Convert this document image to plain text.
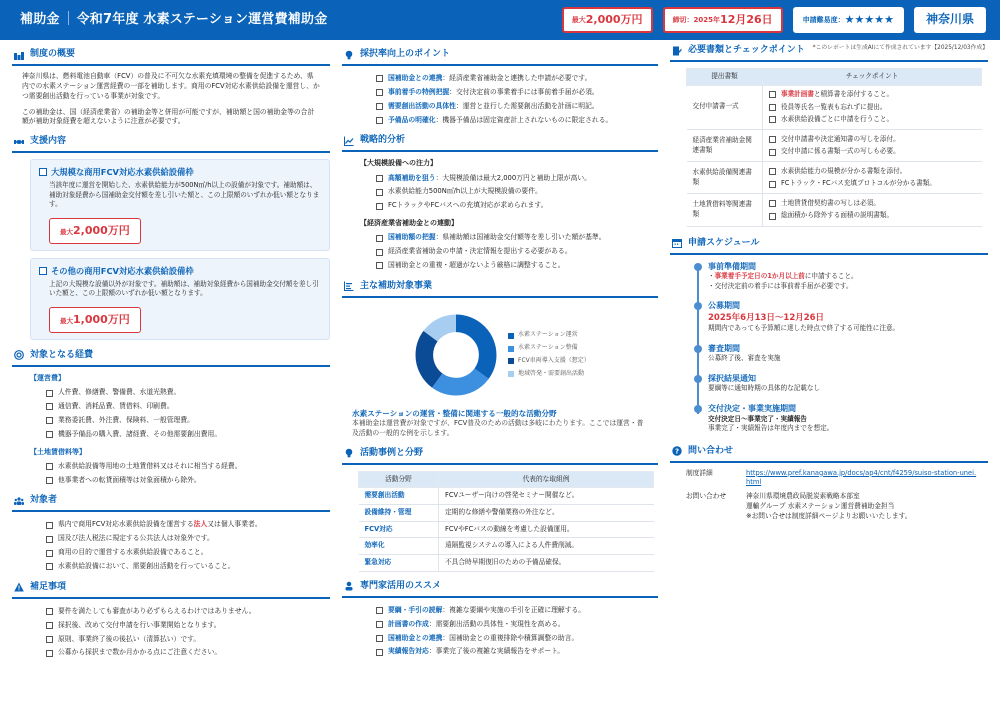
補助金 令和7年度 水素ステーション運営費補助金	最大 2,000万円	締切：2025年 12月26日	申請難易度： ★★★★★	神奈川県
制度の概要

神奈川県は、燃料電池自動車（FCV）の普及に不可欠な水素充填環境の整備を促進するため、県内での水素ステーション運営経費の一部を補助します。商用のFCV対応水素供給設備を運営し、かつ需要創出活動を行っている事業が対象です。

この補助金は、国（経済産業省）の補助金等と併用が可能ですが、補助額と国の補助金等の合計額が補助対象経費を超えないように注意が必要です。

支援内容
大規模な商用FCV対応水素供給設備枠

当該年度に運営を開始した、水素供給能力が500N㎥/h以上の設備が対象です。補助額は、補助対象経費から国補助金交付額を差し引いた額と、この上限額のいずれか低い額となります。

最大 2,000万円
その他の商用FCV対応水素供給設備枠

上記の大規模な設備以外が対象です。補助額は、補助対象経費から国補助金交付額を差し引いた額と、この上限額のいずれか低い額となります。

最大 1,000万円
対象となる経費
【運営費】
人件費、修繕費、警備費、水道光熱費。
通信費、消耗品費、賃借料、印刷費。
業務委託費、外注費、保険料、一般管理費。
機器予備品の購入費、諸経費、その他需要創出費用。
【土地賃借料等】
水素供給設備等用地の土地賃借料又はそれに相当する経費。
他事業者への転貸面積等は対象面積から除外。
対象者
県内で商用FCV対応水素供給設備を運営する法人又は個人事業者。
国及び法人税法に規定する公共法人は対象外です。
商用の目的で運営する水素供給設備であること。
水素供給設備において、需要創出活動を行っていること。
補足事項
要件を満たしても審査があり必ずもらえるわけではありません。
採択後、改めて交付申請を行い事業開始となります。
原則、事業終了後の後払い（清算払い）です。
公募から採択まで数か月かかる点にご注意ください。
採択率向上のポイント
国補助金との連携：経済産業省補助金と連携した申請が必要です。
事前着手の特例把握：交付決定前の事業着手には事前着手届が必須。
需要創出活動の具体性：運営と並行した需要創出活動を計画に明記。
予備品の明確化：機器予備品は固定資産計上されないものに限定される。
戦略的分析
【大規模設備への注力】
高額補助を狙う：大規模設備は最大2,000万円と補助上限が高い。
水素供給能力500N㎥/h以上が大規模設備の要件。
FCトラックやFCバスへの充填対応が求められます。
【経済産業省補助金との連動】
国補助額の把握：県補助額は国補助金交付額等を差し引いた額が基準。
経済産業省補助金の申請・決定情報を提出する必要がある。
国補助金との重複・超過がないよう厳格に調整すること。
主な補助対象事業
水素ステーション運営
水素ステーション整備
FCV車両導入支援（想定）
地域啓発・需要創出活動
水素ステーションの運営・整備に関連する一般的な活動分野
本補助金は運営費が対象ですが、FCV普及のための活動は多岐にわたります。ここでは運営・普及活動の一般的な例を示します。
活動事例と分野
活動分野	代表的な取組例
需要創出活動	FCVユーザー向けの啓発セミナー開催など。
設備維持・管理	定期的な修繕や警備業務の外注など。
FCV対応	FCVやFCバスの動線を考慮した設備運用。
効率化	遠隔監視システムの導入による人件費削減。
緊急対応	不具合時早期復旧のための予備品確保。
専門家活用のススメ
要綱・手引の読解：複雑な要綱や実施の手引を正確に理解する。
計画書の作成：需要創出活動の具体性・実現性を高める。
国補助金との連携：国補助金との重複排除や積算調整の助言。
実績報告対応：事業完了後の複雑な実績報告をサポート。
必要書類とチェックポイント *このレポートは生成AIにて作成されています【2025/12/03作成】
提出書類	チェックポイント
交付申請書一式	事業計画書と積算書を添付すること。
役員等氏名一覧表も忘れずに提出。
水素供給設備ごとに申請を行うこと。

経済産業省補助金関連書類	交付申請書や決定通知書の写しを添付。
交付申請に係る書類一式の写しも必要。

水素供給設備関連書類	水素供給能力の規模が分かる書類を添付。
FCトラック・FCバス充填プロトコルが分かる書類。

土地賃借料等関連書類	土地賃貸借契約書の写しは必須。
総面積から除外する面積の説明書類。
申請スケジュール
事前準備期間
・事業着手予定日の1か月以上前に申請すること。
・交付決定前の着手には事前着手届が必要です。
公募期間
2025年6月13日〜12月26日
期間内であっても予算額に達した時点で終了する可能性に注意。
審査期間
公募終了後、審査を実施
採択結果通知
要綱等に通知時期の具体的な記載なし
交付決定・事業実施期間
交付決定日〜事業完了・実績報告
事業完了・実績報告は年度内までを想定。
? 問い合わせ
制度詳細	https://www.pref.kanagawa.jp/docs/ap4/cnt/f4259/suiso-station-unei.html
お問い合わせ	神奈川県環境農政局脱炭素戦略本部室
運輸グループ 水素ステーション運営費補助金担当
※お問い合せは制度詳細ページよりお願いいたします。
